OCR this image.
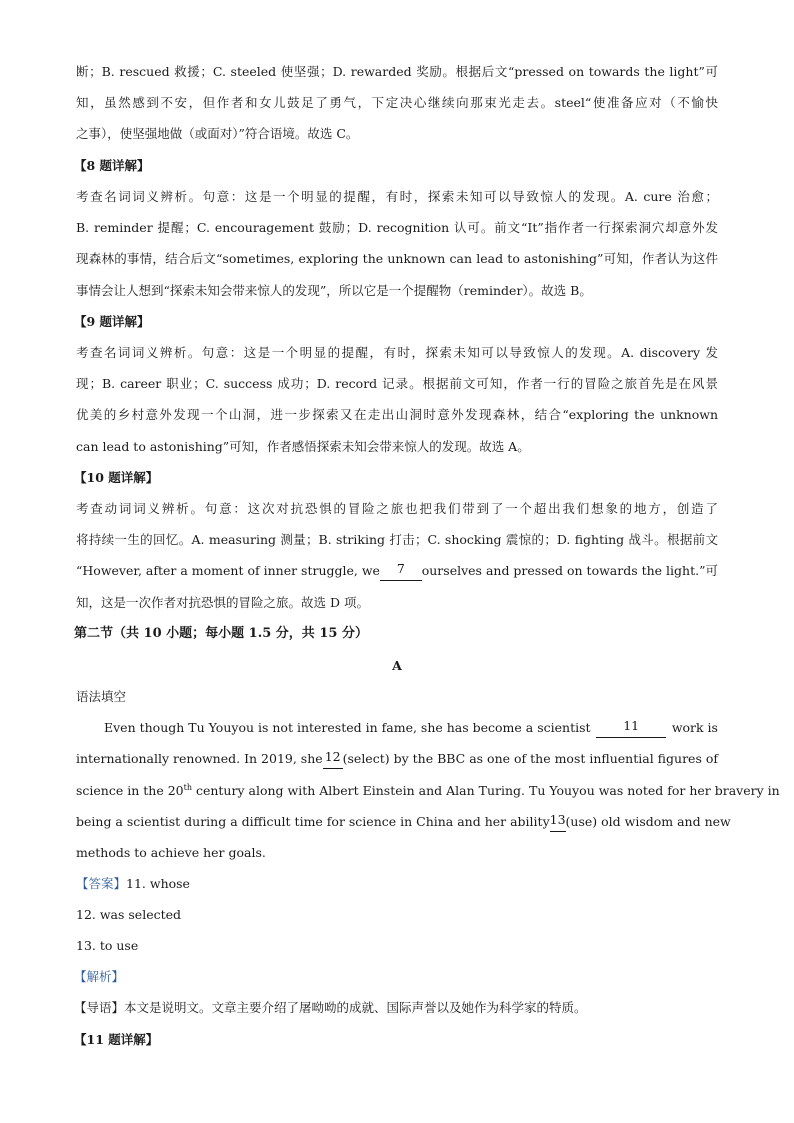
断；B. rescued 救援；C. steeled 使坚强；D. rewarded 奖励。根据后文“pressed on towards the light”可
知，虽然感到不安，但作者和女儿鼓足了勇气，下定决心继续向那束光走去。steel“使准备应对（不愉快
之事），使坚强地做（或面对）”符合语境。故选 C。
【8 题详解】
考查名词词义辨析。句意：这是一个明显的提醒，有时，探索未知可以导致惊人的发现。A. cure 治愈；
B. reminder 提醒；C. encouragement 鼓励；D. recognition 认可。前文“It”指作者一行探索洞穴却意外发
现森林的事情，结合后文“sometimes, exploring the unknown can lead to astonishing”可知，作者认为这件
事情会让人想到“探索未知会带来惊人的发现”，所以它是一个提醒物（reminder）。故选 B。
【9 题详解】
考查名词词义辨析。句意：这是一个明显的提醒，有时，探索未知可以导致惊人的发现。A. discovery 发
现；B. career 职业；C. success 成功；D. record 记录。根据前文可知，作者一行的冒险之旅首先是在风景
优美的乡村意外发现一个山洞，进一步探索又在走出山洞时意外发现森林，结合“exploring the unknown
can lead to astonishing”可知，作者感悟探索未知会带来惊人的发现。故选 A。
【10 题详解】
考查动词词义辨析。句意：这次对抗恐惧的冒险之旅也把我们带到了一个超出我们想象的地方，创造了
将持续一生的回忆。A. measuring 测量；B. striking 打击；C. shocking 震惊的；D. fighting 战斗。根据前文
“However, after a moment of inner struggle, we	7	ourselves and pressed on towards the light.”可
知，这是一次作者对抗恐惧的冒险之旅。故选 D 项。
第二节（共 10 小题；每小题 1.5 分，共 15 分）
A
语法填空
Even though Tu Youyou is not interested in fame, she has become a scientist	11	work is
internationally renowned. In 2019, she 12 (select) by the BBC as one of the most influential figures of
science in the 20th century along with Albert Einstein and Alan Turing. Tu Youyou was noted for her bravery in
being a scientist during a difficult time for science in China and her ability 13 (use) old wisdom and new
methods to achieve her goals.
【答案】11. whose
12. was selected
13. to use
【解析】
【导语】本文是说明文。文章主要介绍了屠呦呦的成就、国际声誉以及她作为科学家的特质。
【11 题详解】
